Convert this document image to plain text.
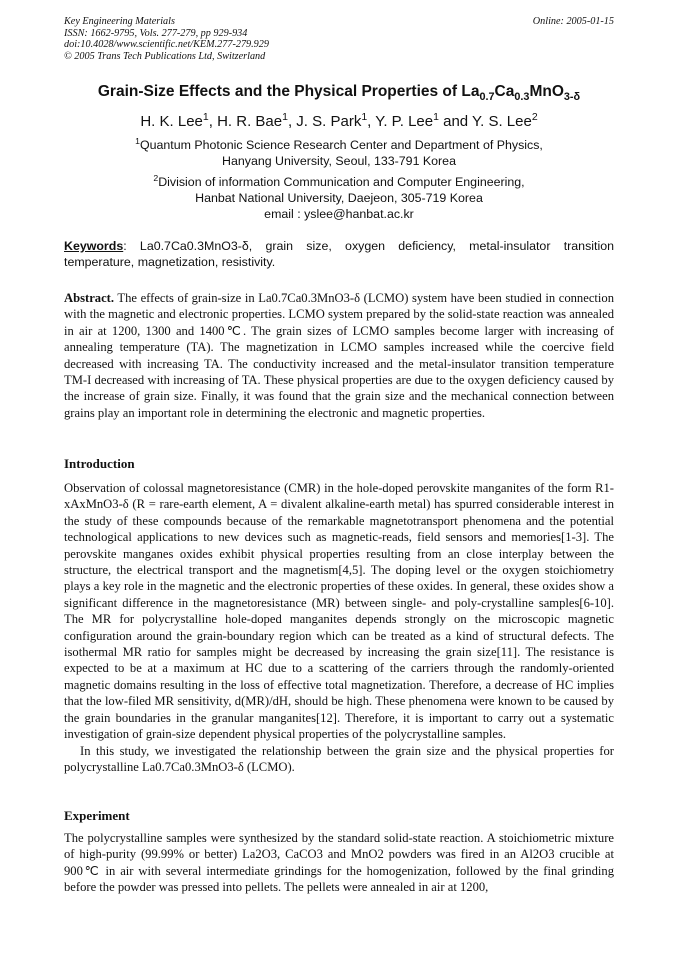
Key Engineering Materials
ISSN: 1662-9795, Vols. 277-279, pp 929-934
doi:10.4028/www.scientific.net/KEM.277-279.929
© 2005 Trans Tech Publications Ltd, Switzerland
Online: 2005-01-15
Grain-Size Effects and the Physical Properties of $La_{0.7}Ca_{0.3}MnO_{3-\delta}$
H. K. Lee$^1$, H. R. Bae$^1$, J. S. Park$^1$, Y. P. Lee$^1$ and Y. S. Lee$^2$
$^1$Quantum Photonic Science Research Center and Department of Physics,
Hanyang University, Seoul, 133-791 Korea
$^2$Division of information Communication and Computer Engineering,
Hanbat National University, Daejeon, 305-719 Korea
email : yslee@hanbat.ac.kr
Keywords: La0.7Ca0.3MnO3-δ, grain size, oxygen deficiency, metal-insulator transition temperature, magnetization, resistivity.
Abstract. The effects of grain-size in La0.7Ca0.3MnO3-δ (LCMO) system have been studied in connection with the magnetic and electronic properties. LCMO system prepared by the solid-state reaction was annealed in air at 1200, 1300 and 1400℃. The grain sizes of LCMO samples become larger with increasing of annealing temperature (TA). The magnetization in LCMO samples increased while the coercive field decreased with increasing TA. The conductivity increased and the metal-insulator transition temperature TM-I decreased with increasing of TA. These physical properties are due to the oxygen deficiency caused by the increase of grain size. Finally, it was found that the grain size and the mechanical connection between grains play an important role in determining the electronic and magnetic properties.
Introduction

Observation of colossal magnetoresistance (CMR) in the hole-doped perovskite manganites of the form R1-xAxMnO3-δ (R = rare-earth element, A = divalent alkaline-earth metal) has spurred considerable interest in the study of these compounds because of the remarkable magnetotransport phenomena and the potential technological applications to new devices such as magnetic-reads, field sensors and memories[1-3]. The perovskite manganes oxides exhibit physical properties resulting from an close interplay between the structure, the electrical transport and the magnetism[4,5]. The doping level or the oxygen stoichiometry plays a key role in the magnetic and the electronic properties of these oxides. In general, these oxides show a significant difference in the magnetoresistance (MR) between single- and poly-crystalline samples[6-10]. The MR for polycrystalline hole-doped manganites depends strongly on the microscopic magnetic configuration around the grain-boundary region which can be treated as a kind of structural defects. The isothermal MR ratio for samples might be decreased by increasing the grain size[11]. The resistance is expected to be at a maximum at HC due to a scattering of the carriers through the randomly-oriented magnetic domains resulting in the loss of effective total magnetization. Therefore, a decrease of HC implies that the low-filed MR sensitivity, d(MR)/dH, should be high. These phenomena were known to be caused by the grain boundaries in the granular manganites[12]. Therefore, it is important to carry out a systematic investigation of grain-size dependent physical properties of the polycrystalline samples.

In this study, we investigated the relationship between the grain size and the physical properties for polycrystalline La0.7Ca0.3MnO3-δ (LCMO).

Experiment

The polycrystalline samples were synthesized by the standard solid-state reaction. A stoichiometric mixture of high-purity (99.99% or better) La2O3, CaCO3 and MnO2 powders was fired in an Al2O3 crucible at 900℃ in air with several intermediate grindings for the homogenization, followed by the final grinding before the powder was pressed into pellets. The pellets were annealed in air at 1200,
